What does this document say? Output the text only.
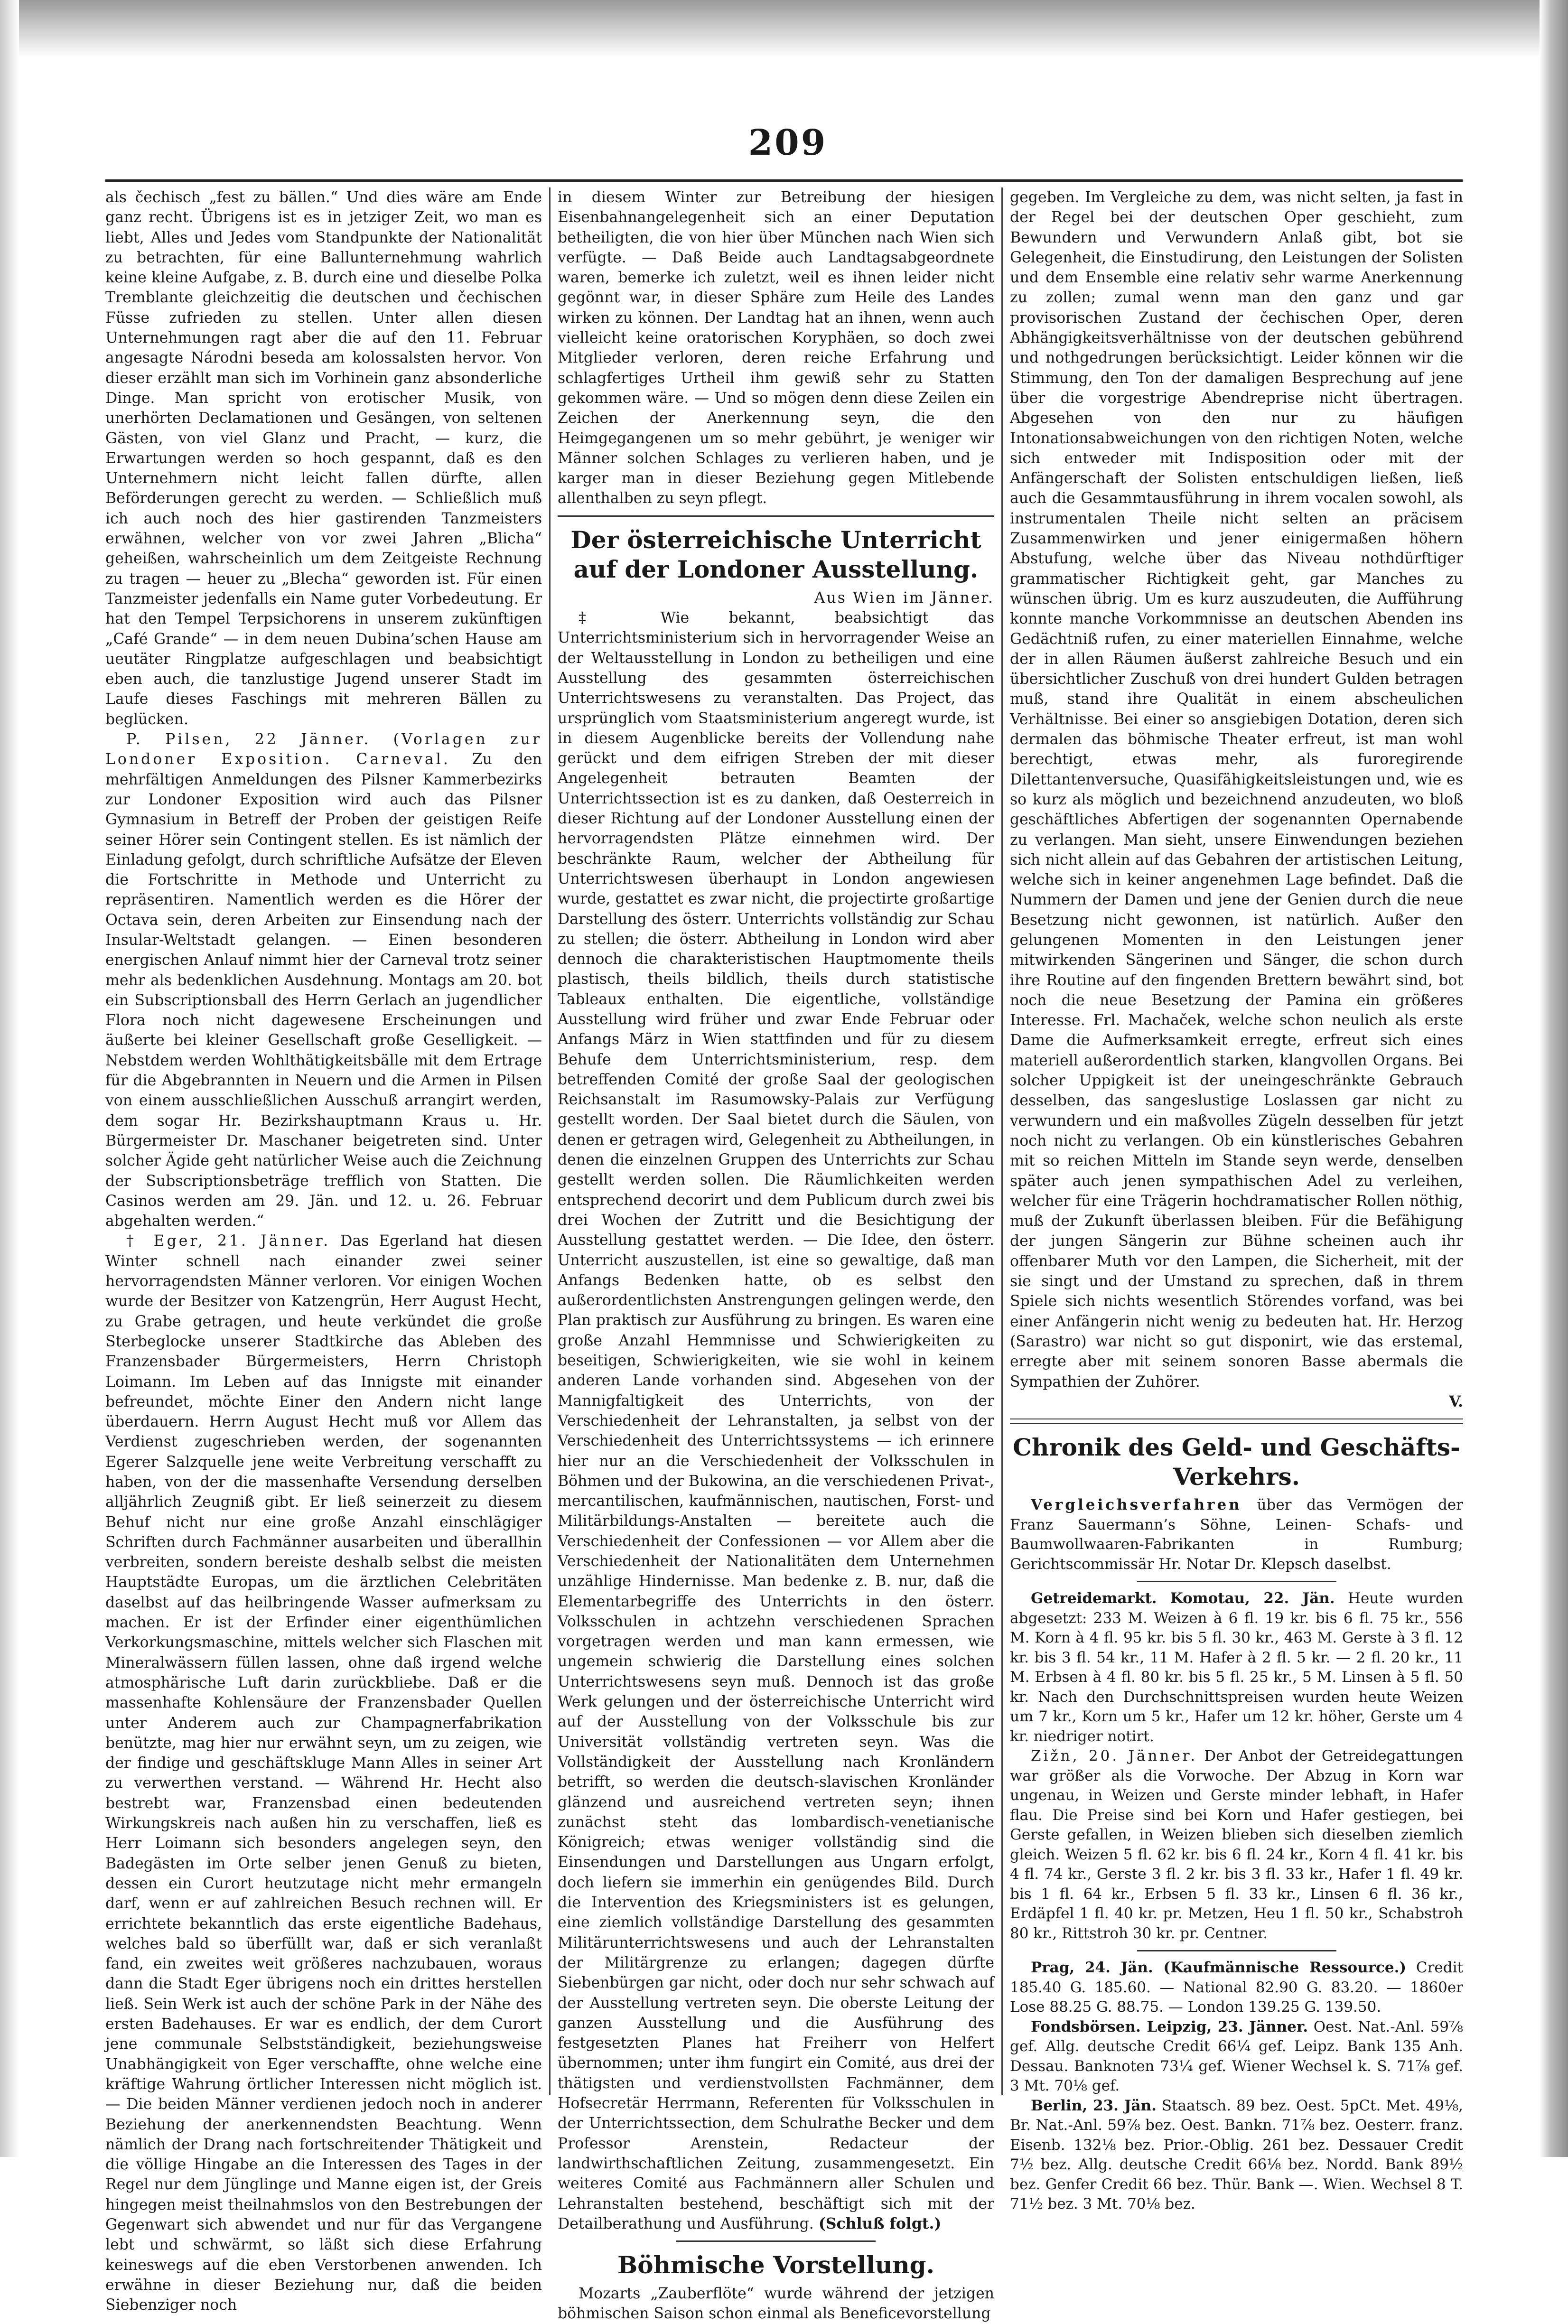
209

als čechisch „fest zu bällen.“ Und dies wäre am Ende ganz recht. Übrigens ist es in jetziger Zeit, wo man es liebt, Alles und Jedes vom Standpunkte der Nationalität zu betrachten, für eine Ballunternehmung wahrlich keine kleine Aufgabe, z. B. durch eine und dieselbe Polka Tremblante gleichzeitig die deutschen und čechischen Füsse zufrieden zu stellen. Unter allen diesen Unternehmungen ragt aber die auf den 11. Februar angesagte Národni beseda am kolossalsten hervor. Von dieser erzählt man sich im Vorhinein ganz absonderliche Dinge. Man spricht von erotischer Musik, von unerhörten Declamationen und Gesängen, von seltenen Gästen, von viel Glanz und Pracht, — kurz, die Erwartungen werden so hoch gespannt, daß es den Unternehmern nicht leicht fallen dürfte, allen Beförderungen gerecht zu werden. — Schließlich muß ich auch noch des hier gastirenden Tanzmeisters erwähnen, welcher von vor zwei Jahren „Blicha“ geheißen, wahrscheinlich um dem Zeitgeiste Rechnung zu tragen — heuer zu „Blecha“ geworden ist. Für einen Tanzmeister jedenfalls ein Name guter Vorbedeutung. Er hat den Tempel Terpsichorens in unserem zukünftigen „Café Grande“ — in dem neuen Dubina’schen Hause am ueutäter Ringplatze aufgeschlagen und beabsichtigt eben auch, die tanzlustige Jugend unserer Stadt im Laufe dieses Faschings mit mehreren Bällen zu beglücken.

P. Pilsen, 22 Jänner. (Vorlagen zur Londoner Exposition. Carneval. Zu den mehrfältigen Anmeldungen des Pilsner Kammerbezirks zur Londoner Exposition wird auch das Pilsner Gymnasium in Betreff der Proben der geistigen Reife seiner Hörer sein Contingent stellen. Es ist nämlich der Einladung gefolgt, durch schriftliche Aufsätze der Eleven die Fortschritte in Methode und Unterricht zu repräsentiren. Namentlich werden es die Hörer der Octava sein, deren Arbeiten zur Einsendung nach der Insular-Weltstadt gelangen. — Einen besonderen energischen Anlauf nimmt hier der Carneval trotz seiner mehr als bedenklichen Ausdehnung. Montags am 20. bot ein Subscriptionsball des Herrn Gerlach an jugendlicher Flora noch nicht dagewesene Erscheinungen und äußerte bei kleiner Gesellschaft große Geselligkeit. — Nebstdem werden Wohlthätigkeitsbälle mit dem Ertrage für die Abgebrannten in Neuern und die Armen in Pilsen von einem ausschließlichen Ausschuß arrangirt werden, dem sogar Hr. Bezirkshauptmann Kraus u. Hr. Bürgermeister Dr. Maschaner beigetreten sind. Unter solcher Ägide geht natürlicher Weise auch die Zeichnung der Subscriptionsbeträge trefflich von Statten. Die Casinos werden am 29. Jän. und 12. u. 26. Februar abgehalten werden.“

† Eger, 21. Jänner. Das Egerland hat diesen Winter schnell nach einander zwei seiner hervorragendsten Männer verloren. Vor einigen Wochen wurde der Besitzer von Katzengrün, Herr August Hecht, zu Grabe getragen, und heute verkündet die große Sterbeglocke unserer Stadtkirche das Ableben des Franzensbader Bürgermeisters, Herrn Christoph Loimann. Im Leben auf das Innigste mit einander befreundet, möchte Einer den Andern nicht lange überdauern. Herrn August Hecht muß vor Allem das Verdienst zugeschrieben werden, der sogenannten Egerer Salzquelle jene weite Verbreitung verschafft zu haben, von der die massenhafte Versendung derselben alljährlich Zeugniß gibt. Er ließ seinerzeit zu diesem Behuf nicht nur eine große Anzahl einschlägiger Schriften durch Fachmänner ausarbeiten und überallhin verbreiten, sondern bereiste deshalb selbst die meisten Hauptstädte Europas, um die ärztlichen Celebritäten daselbst auf das heilbringende Wasser aufmerksam zu machen. Er ist der Erfinder einer eigenthümlichen Verkorkungsmaschine, mittels welcher sich Flaschen mit Mineralwässern füllen lassen, ohne daß irgend welche atmosphärische Luft darin zurückbliebe. Daß er die massenhafte Kohlensäure der Franzensbader Quellen unter Anderem auch zur Champagnerfabrikation benützte, mag hier nur erwähnt seyn, um zu zeigen, wie der findige und geschäftskluge Mann Alles in seiner Art zu verwerthen verstand. — Während Hr. Hecht also bestrebt war, Franzensbad einen bedeutenden Wirkungskreis nach außen hin zu verschaffen, ließ es Herr Loimann sich besonders angelegen seyn, den Badegästen im Orte selber jenen Genuß zu bieten, dessen ein Curort heutzutage nicht mehr ermangeln darf, wenn er auf zahlreichen Besuch rechnen will. Er errichtete bekanntlich das erste eigentliche Badehaus, welches bald so überfüllt war, daß er sich veranlaßt fand, ein zweites weit größeres nachzubauen, woraus dann die Stadt Eger übrigens noch ein drittes herstellen ließ. Sein Werk ist auch der schöne Park in der Nähe des ersten Badehauses. Er war es endlich, der dem Curort jene communale Selbstständigkeit, beziehungsweise Unabhängigkeit von Eger verschaffte, ohne welche eine kräftige Wahrung örtlicher Interessen nicht möglich ist. — Die beiden Männer verdienen jedoch noch in anderer Beziehung der anerkennendsten Beachtung. Wenn nämlich der Drang nach fortschreitender Thätigkeit und die völlige Hingabe an die Interessen des Tages in der Regel nur dem Jünglinge und Manne eigen ist, der Greis hingegen meist theilnahmslos von den Bestrebungen der Gegenwart sich abwendet und nur für das Vergangene lebt und schwärmt, so läßt sich diese Erfahrung keineswegs auf die eben Verstorbenen anwenden. Ich erwähne in dieser Beziehung nur, daß die beiden Siebenziger noch

in diesem Winter zur Betreibung der hiesigen Eisenbahnangelegenheit sich an einer Deputation betheiligten, die von hier über München nach Wien sich verfügte. — Daß Beide auch Landtagsabgeordnete waren, bemerke ich zuletzt, weil es ihnen leider nicht gegönnt war, in dieser Sphäre zum Heile des Landes wirken zu können. Der Landtag hat an ihnen, wenn auch vielleicht keine oratorischen Koryphäen, so doch zwei Mitglieder verloren, deren reiche Erfahrung und schlagfertiges Urtheil ihm gewiß sehr zu Statten gekommen wäre. — Und so mögen denn diese Zeilen ein Zeichen der Anerkennung seyn, die den Heimgegangenen um so mehr gebührt, je weniger wir Männer solchen Schlages zu verlieren haben, und je karger man in dieser Beziehung gegen Mitlebende allenthalben zu seyn pflegt.

Der österreichische Unterricht auf der Londoner Ausstellung.

Aus Wien im Jänner.

‡ Wie bekannt, beabsichtigt das Unterrichtsministerium sich in hervorragender Weise an der Weltausstellung in London zu betheiligen und eine Ausstellung des gesammten österreichischen Unterrichtswesens zu veranstalten. Das Project, das ursprünglich vom Staatsministerium angeregt wurde, ist in diesem Augenblicke bereits der Vollendung nahe gerückt und dem eifrigen Streben der mit dieser Angelegenheit betrauten Beamten der Unterrichtssection ist es zu danken, daß Oesterreich in dieser Richtung auf der Londoner Ausstellung einen der hervorragendsten Plätze einnehmen wird. Der beschränkte Raum, welcher der Abtheilung für Unterrichtswesen überhaupt in London angewiesen wurde, gestattet es zwar nicht, die projectirte großartige Darstellung des österr. Unterrichts vollständig zur Schau zu stellen; die österr. Abtheilung in London wird aber dennoch die charakteristischen Hauptmomente theils plastisch, theils bildlich, theils durch statistische Tableaux enthalten. Die eigentliche, vollständige Ausstellung wird früher und zwar Ende Februar oder Anfangs März in Wien stattfinden und für zu diesem Behufe dem Unterrichtsministerium, resp. dem betreffenden Comité der große Saal der geologischen Reichsanstalt im Rasumowsky-Palais zur Verfügung gestellt worden. Der Saal bietet durch die Säulen, von denen er getragen wird, Gelegenheit zu Abtheilungen, in denen die einzelnen Gruppen des Unterrichts zur Schau gestellt werden sollen. Die Räumlichkeiten werden entsprechend decorirt und dem Publicum durch zwei bis drei Wochen der Zutritt und die Besichtigung der Ausstellung gestattet werden. — Die Idee, den österr. Unterricht auszustellen, ist eine so gewaltige, daß man Anfangs Bedenken hatte, ob es selbst den außerordentlichsten Anstrengungen gelingen werde, den Plan praktisch zur Ausführung zu bringen. Es waren eine große Anzahl Hemmnisse und Schwierigkeiten zu beseitigen, Schwierigkeiten, wie sie wohl in keinem anderen Lande vorhanden sind. Abgesehen von der Mannigfaltigkeit des Unterrichts, von der Verschiedenheit der Lehranstalten, ja selbst von der Verschiedenheit des Unterrichtssystems — ich erinnere hier nur an die Verschiedenheit der Volksschulen in Böhmen und der Bukowina, an die verschiedenen Privat-, mercantilischen, kaufmännischen, nautischen, Forst- und Militärbildungs-Anstalten — bereitete auch die Verschiedenheit der Confessionen — vor Allem aber die Verschiedenheit der Nationalitäten dem Unternehmen unzählige Hindernisse. Man bedenke z. B. nur, daß die Elementarbegriffe des Unterrichts in den österr. Volksschulen in achtzehn verschiedenen Sprachen vorgetragen werden und man kann ermessen, wie ungemein schwierig die Darstellung eines solchen Unterrichtswesens seyn muß. Dennoch ist das große Werk gelungen und der österreichische Unterricht wird auf der Ausstellung von der Volksschule bis zur Universität vollständig vertreten seyn. Was die Vollständigkeit der Ausstellung nach Kronländern betrifft, so werden die deutsch-slavischen Kronländer glänzend und ausreichend vertreten seyn; ihnen zunächst steht das lombardisch-venetianische Königreich; etwas weniger vollständig sind die Einsendungen und Darstellungen aus Ungarn erfolgt, doch liefern sie immerhin ein genügendes Bild. Durch die Intervention des Kriegsministers ist es gelungen, eine ziemlich vollständige Darstellung des gesammten Militärunterrichtswesens und auch der Lehranstalten der Militärgrenze zu erlangen; dagegen dürfte Siebenbürgen gar nicht, oder doch nur sehr schwach auf der Ausstellung vertreten seyn. Die oberste Leitung der ganzen Ausstellung und die Ausführung des festgesetzten Planes hat Freiherr von Helfert übernommen; unter ihm fungirt ein Comité, aus drei der thätigsten und verdienstvollsten Fachmänner, dem Hofsecretär Herrmann, Referenten für Volksschulen in der Unterrichtssection, dem Schulrathe Becker und dem Professor Arenstein, Redacteur der landwirthschaftlichen Zeitung, zusammengesetzt. Ein weiteres Comité aus Fachmännern aller Schulen und Lehranstalten bestehend, beschäftigt sich mit der Detailberathung und Ausführung. (Schluß folgt.)

Böhmische Vorstellung.

Mozarts „Zauberflöte“ wurde während der jetzigen böhmischen Saison schon einmal als Beneficevorstellung

gegeben. Im Vergleiche zu dem, was nicht selten, ja fast in der Regel bei der deutschen Oper geschieht, zum Bewundern und Verwundern Anlaß gibt, bot sie Gelegenheit, die Einstudirung, den Leistungen der Solisten und dem Ensemble eine relativ sehr warme Anerkennung zu zollen; zumal wenn man den ganz und gar provisorischen Zustand der čechischen Oper, deren Abhängigkeitsverhältnisse von der deutschen gebührend und nothgedrungen berücksichtigt. Leider können wir die Stimmung, den Ton der damaligen Besprechung auf jene über die vorgestrige Abendreprise nicht übertragen. Abgesehen von den nur zu häufigen Intonationsabweichungen von den richtigen Noten, welche sich entweder mit Indisposition oder mit der Anfängerschaft der Solisten entschuldigen ließen, ließ auch die Gesammtausführung in ihrem vocalen sowohl, als instrumentalen Theile nicht selten an präcisem Zusammenwirken und jener einigermaßen höhern Abstufung, welche über das Niveau nothdürftiger grammatischer Richtigkeit geht, gar Manches zu wünschen übrig. Um es kurz auszudeuten, die Aufführung konnte manche Vorkommnisse an deutschen Abenden ins Gedächtniß rufen, zu einer materiellen Einnahme, welche der in allen Räumen äußerst zahlreiche Besuch und ein übersichtlicher Zuschuß von drei hundert Gulden betragen muß, stand ihre Qualität in einem abscheulichen Verhältnisse. Bei einer so ansgiebigen Dotation, deren sich dermalen das böhmische Theater erfreut, ist man wohl berechtigt, etwas mehr, als furoregirende Dilettantenversuche, Quasifähigkeitsleistungen und, wie es so kurz als möglich und bezeichnend anzudeuten, wo bloß geschäftliches Abfertigen der sogenannten Opernabende zu verlangen. Man sieht, unsere Einwendungen beziehen sich nicht allein auf das Gebahren der artistischen Leitung, welche sich in keiner angenehmen Lage befindet. Daß die Nummern der Damen und jene der Genien durch die neue Besetzung nicht gewonnen, ist natürlich. Außer den gelungenen Momenten in den Leistungen jener mitwirkenden Sängerinen und Sänger, die schon durch ihre Routine auf den fingenden Brettern bewährt sind, bot noch die neue Besetzung der Pamina ein größeres Interesse. Frl. Machaček, welche schon neulich als erste Dame die Aufmerksamkeit erregte, erfreut sich eines materiell außerordentlich starken, klangvollen Organs. Bei solcher Uppigkeit ist der uneingeschränkte Gebrauch desselben, das sangeslustige Loslassen gar nicht zu verwundern und ein maßvolles Zügeln desselben für jetzt noch nicht zu verlangen. Ob ein künstlerisches Gebahren mit so reichen Mitteln im Stande seyn werde, denselben später auch jenen sympathischen Adel zu verleihen, welcher für eine Trägerin hochdramatischer Rollen nöthig, muß der Zukunft überlassen bleiben. Für die Befähigung der jungen Sängerin zur Bühne scheinen auch ihr offenbarer Muth vor den Lampen, die Sicherheit, mit der sie singt und der Umstand zu sprechen, daß in threm Spiele sich nichts wesentlich Störendes vorfand, was bei einer Anfängerin nicht wenig zu bedeuten hat. Hr. Herzog (Sarastro) war nicht so gut disponirt, wie das erstemal, erregte aber mit seinem sonoren Basse abermals die Sympathien der Zuhörer.

V.

Chronik des Geld- und Geschäfts-Verkehrs.

Vergleichsverfahren über das Vermögen der Franz Sauermann’s Söhne, Leinen- Schafs- und Baumwollwaaren-Fabrikanten in Rumburg; Gerichtscommissär Hr. Notar Dr. Klepsch daselbst.

Getreidemarkt. Komotau, 22. Jän. Heute wurden abgesetzt: 233 M. Weizen à 6 fl. 19 kr. bis 6 fl. 75 kr., 556 M. Korn à 4 fl. 95 kr. bis 5 fl. 30 kr., 463 M. Gerste à 3 fl. 12 kr. bis 3 fl. 54 kr., 11 M. Hafer à 2 fl. 5 kr. — 2 fl. 20 kr., 11 M. Erbsen à 4 fl. 80 kr. bis 5 fl. 25 kr., 5 M. Linsen à 5 fl. 50 kr. Nach den Durchschnittspreisen wurden heute Weizen um 7 kr., Korn um 5 kr., Hafer um 12 kr. höher, Gerste um 4 kr. niedriger notirt.

Zižn, 20. Jänner. Der Anbot der Getreidegattungen war größer als die Vorwoche. Der Abzug in Korn war ungenau, in Weizen und Gerste minder lebhaft, in Hafer flau. Die Preise sind bei Korn und Hafer gestiegen, bei Gerste gefallen, in Weizen blieben sich dieselben ziemlich gleich. Weizen 5 fl. 62 kr. bis 6 fl. 24 kr., Korn 4 fl. 41 kr. bis 4 fl. 74 kr., Gerste 3 fl. 2 kr. bis 3 fl. 33 kr., Hafer 1 fl. 49 kr. bis 1 fl. 64 kr., Erbsen 5 fl. 33 kr., Linsen 6 fl. 36 kr., Erdäpfel 1 fl. 40 kr. pr. Metzen, Heu 1 fl. 50 kr., Schabstroh 80 kr., Rittstroh 30 kr. pr. Centner.

Prag, 24. Jän. (Kaufmännische Ressource.) Credit 185.40 G. 185.60. — National 82.90 G. 83.20. — 1860er Lose 88.25 G. 88.75. — London 139.25 G. 139.50.

Fondsbörsen. Leipzig, 23. Jänner. Oest. Nat.-Anl. 59⅞ gef. Allg. deutsche Credit 66¼ gef. Leipz. Bank 135 Anh. Dessau. Banknoten 73¼ gef. Wiener Wechsel k. S. 71⅞ gef. 3 Mt. 70⅛ gef.

Berlin, 23. Jän. Staatsch. 89 bez. Oest. 5pCt. Met. 49⅛, Br. Nat.-Anl. 59⅞ bez. Oest. Bankn. 71⅞ bez. Oesterr. franz. Eisenb. 132⅛ bez. Prior.-Oblig. 261 bez. Dessauer Credit 7½ bez. Allg. deutsche Credit 66⅛ bez. Nordd. Bank 89½ bez. Genfer Credit 66 bez. Thür. Bank —. Wien. Wechsel 8 T. 71½ bez. 3 Mt. 70⅛ bez.
